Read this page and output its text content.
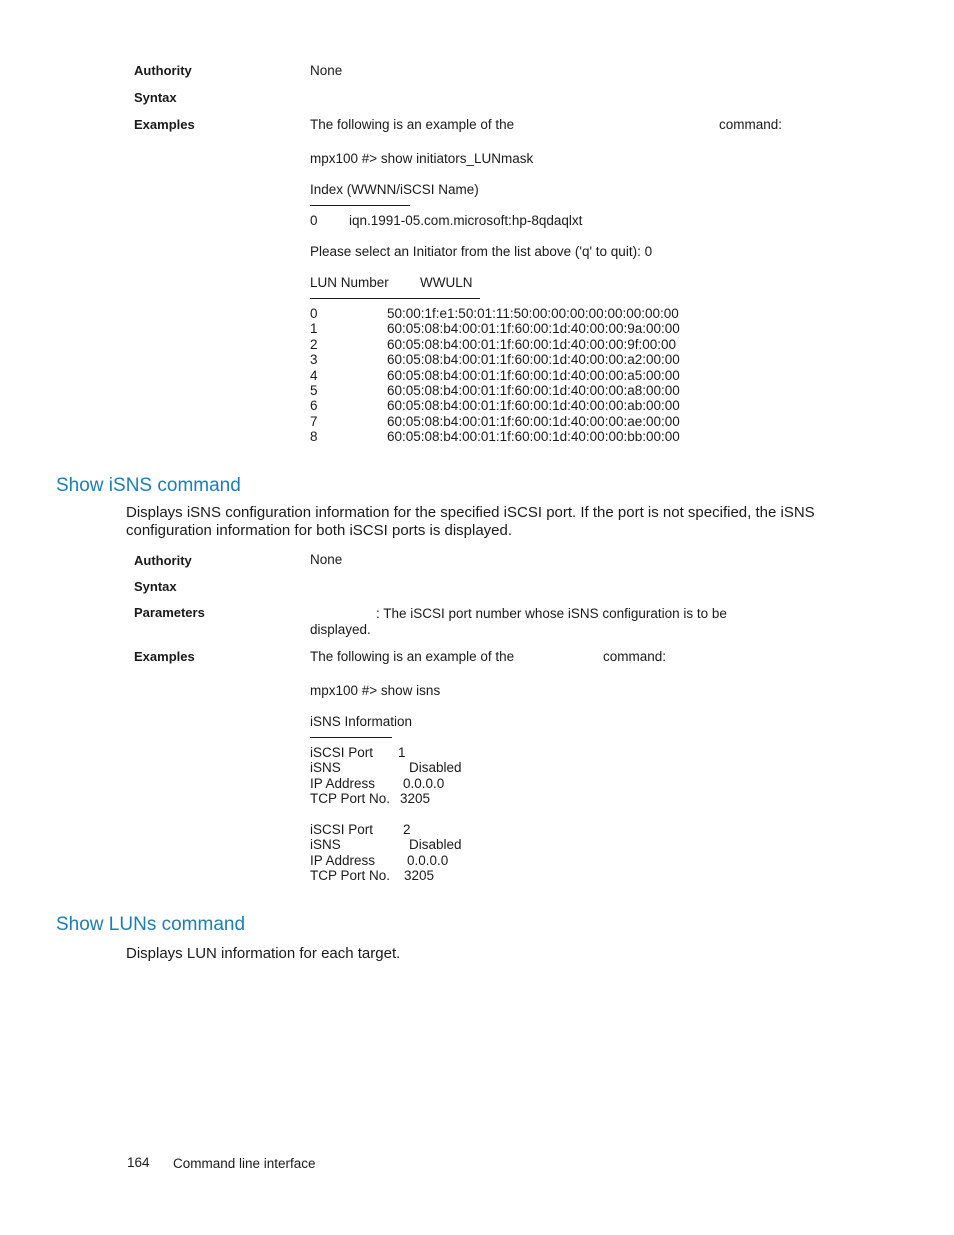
Authority	None
Syntax
Examples	The following is an example of the	command:
mpx100 #> show initiators_LUNmask
Index (WWNN/iSCSI Name)
0 iqn.1991-05.com.microsoft:hp-8qdaqlxt
Please select an Initiator from the list above ('q' to quit): 0
LUN Number WWULN
0	50:00:1f:e1:50:01:11:50:00:00:00:00:00:00:00:00
1	60:05:08:b4:00:01:1f:60:00:1d:40:00:00:9a:00:00
2	60:05:08:b4:00:01:1f:60:00:1d:40:00:00:9f:00:00
3	60:05:08:b4:00:01:1f:60:00:1d:40:00:00:a2:00:00
4	60:05:08:b4:00:01:1f:60:00:1d:40:00:00:a5:00:00
5	60:05:08:b4:00:01:1f:60:00:1d:40:00:00:a8:00:00
6	60:05:08:b4:00:01:1f:60:00:1d:40:00:00:ab:00:00
7	60:05:08:b4:00:01:1f:60:00:1d:40:00:00:ae:00:00
8	60:05:08:b4:00:01:1f:60:00:1d:40:00:00:bb:00:00
Show iSNS command
Displays iSNS configuration information for the specified iSCSI port. If the port is not specified, the iSNS configuration information for both iSCSI ports is displayed.
Authority	None
Syntax
Parameters	: The iSCSI port number whose iSNS configuration is to be
displayed.
Examples	The following is an example of the	command:
mpx100 #> show isns
iSNS Information
iSCSI Port 1
iSNS	Disabled
IP Address 0.0.0.0
TCP Port No. 3205
iSCSI Port 2
iSNS	Disabled
IP Address 0.0.0.0
TCP Port No. 3205
Show LUNs command
Displays LUN information for each target.
164 Command line interface
